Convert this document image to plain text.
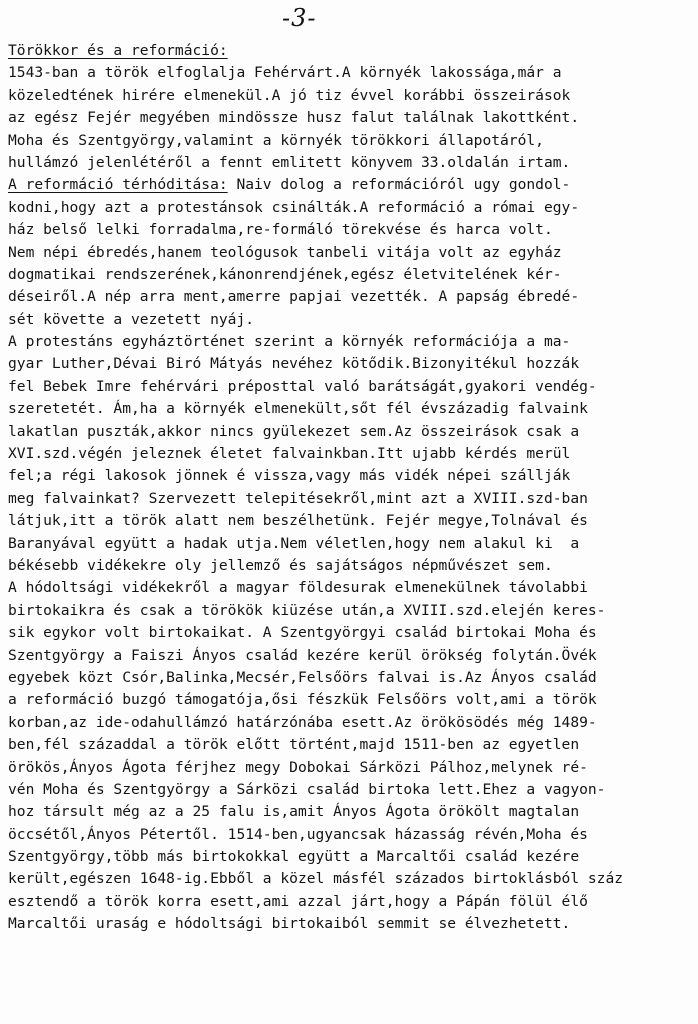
-3-
Törökkor és a reformáció:
1543-ban a török elfoglalja Fehérvárt.A környék lakossága,már a
közeledtének hirére elmenekül.A jó tiz évvel korábbi összeirások
az egész Fejér megyében mindössze husz falut találnak lakottként.
Moha és Szentgyörgy,valamint a környék törökkori állapotáról,
hullámzó jelenlétéről a fennt emlitett könyvem 33.oldalán irtam.
A reformáció térhóditása: Naiv dolog a reformációról ugy gondol-
kodni,hogy azt a protestánsok csinálták.A reformáció a római egy-
ház belső lelki forradalma,re-formáló törekvése és harca volt.
Nem népi ébredés,hanem teológusok tanbeli vitája volt az egyház
dogmatikai rendszerének,kánonrendjének,egész életvitelének kér-
déseiről.A nép arra ment,amerre papjai vezették. A papság ébredé-
sét követte a vezetett nyáj.
A protestáns egyháztörténet szerint a környék reformációja a ma-
gyar Luther,Dévai Biró Mátyás nevéhez kötődik.Bizonyitékul hozzák
fel Bebek Imre fehérvári préposttal való barátságát,gyakori vendég-
szeretetét. Ám,ha a környék elmenekült,sőt fél évszázadig falvaink
lakatlan puszták,akkor nincs gyülekezet sem.Az összeirások csak a
XVI.szd.végén jeleznek életet falvainkban.Itt ujabb kérdés merül
fel;a régi lakosok jönnek é vissza,vagy más vidék népei szállják
meg falvainkat? Szervezett telepitésekről,mint azt a XVIII.szd-ban
látjuk,itt a török alatt nem beszélhetünk. Fejér megye,Tolnával és
Baranyával együtt a hadak utja.Nem véletlen,hogy nem alakul ki  a
békésebb vidékekre oly jellemző és sajátságos népművészet sem.
A hódoltsági vidékekről a magyar földesurak elmenekülnek távolabbi
birtokaikra és csak a törökök kiüzése után,a XVIII.szd.elején keres-
sik egykor volt birtokaikat. A Szentgyörgyi család birtokai Moha és
Szentgyörgy a Faiszi Ányos család kezére kerül örökség folytán.Övék
egyebek közt Csór,Balinka,Mecsér,Felsőörs falvai is.Az Ányos család
a reformáció buzgó támogatója,ősi fészkük Felsőörs volt,ami a török
korban,az ide-odahullámzó határzónába esett.Az örökösödés még 1489-
ben,fél századdal a török előtt történt,majd 1511-ben az egyetlen
örökös,Ányos Ágota férjhez megy Dobokai Sárközi Pálhoz,melynek ré-
vén Moha és Szentgyörgy a Sárközi család birtoka lett.Ehez a vagyon-
hoz társult még az a 25 falu is,amit Ányos Ágota örökölt magtalan
öccsétől,Ányos Pétertől. 1514-ben,ugyancsak házasság révén,Moha és
Szentgyörgy,több más birtokokkal együtt a Marcaltői család kezére
került,egészen 1648-ig.Ebből a közel másfél százados birtoklásból száz
esztendő a török korra esett,ami azzal járt,hogy a Pápán fölül élő
Marcaltői uraság e hódoltsági birtokaiból semmit se élvezhetett.
